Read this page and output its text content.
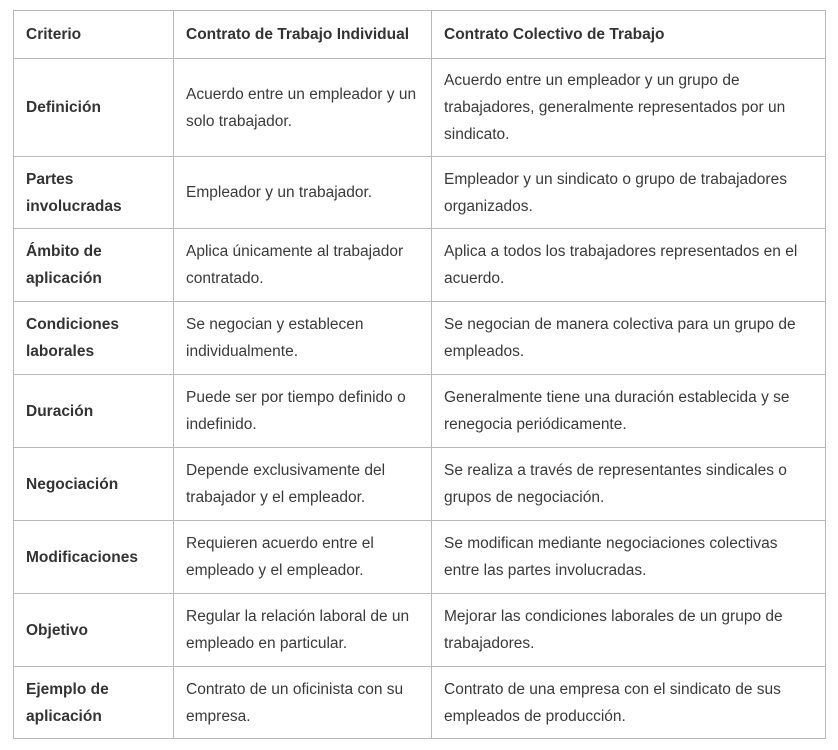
Criterio	Contrato de Trabajo Individual	Contrato Colectivo de Trabajo
Definición	Acuerdo entre un empleador y un solo trabajador.	Acuerdo entre un empleador y un grupo de trabajadores, generalmente representados por un sindicato.
Partes involucradas	Empleador y un trabajador.	Empleador y un sindicato o grupo de trabajadores organizados.
Ámbito de aplicación	Aplica únicamente al trabajador contratado.	Aplica a todos los trabajadores representados en el acuerdo.
Condiciones laborales	Se negocian y establecen individualmente.	Se negocian de manera colectiva para un grupo de empleados.
Duración	Puede ser por tiempo definido o indefinido.	Generalmente tiene una duración establecida y se renegocia periódicamente.
Negociación	Depende exclusivamente del trabajador y el empleador.	Se realiza a través de representantes sindicales o grupos de negociación.
Modificaciones	Requieren acuerdo entre el empleado y el empleador.	Se modifican mediante negociaciones colectivas entre las partes involucradas.
Objetivo	Regular la relación laboral de un empleado en particular.	Mejorar las condiciones laborales de un grupo de trabajadores.
Ejemplo de aplicación	Contrato de un oficinista con su empresa.	Contrato de una empresa con el sindicato de sus empleados de producción.
